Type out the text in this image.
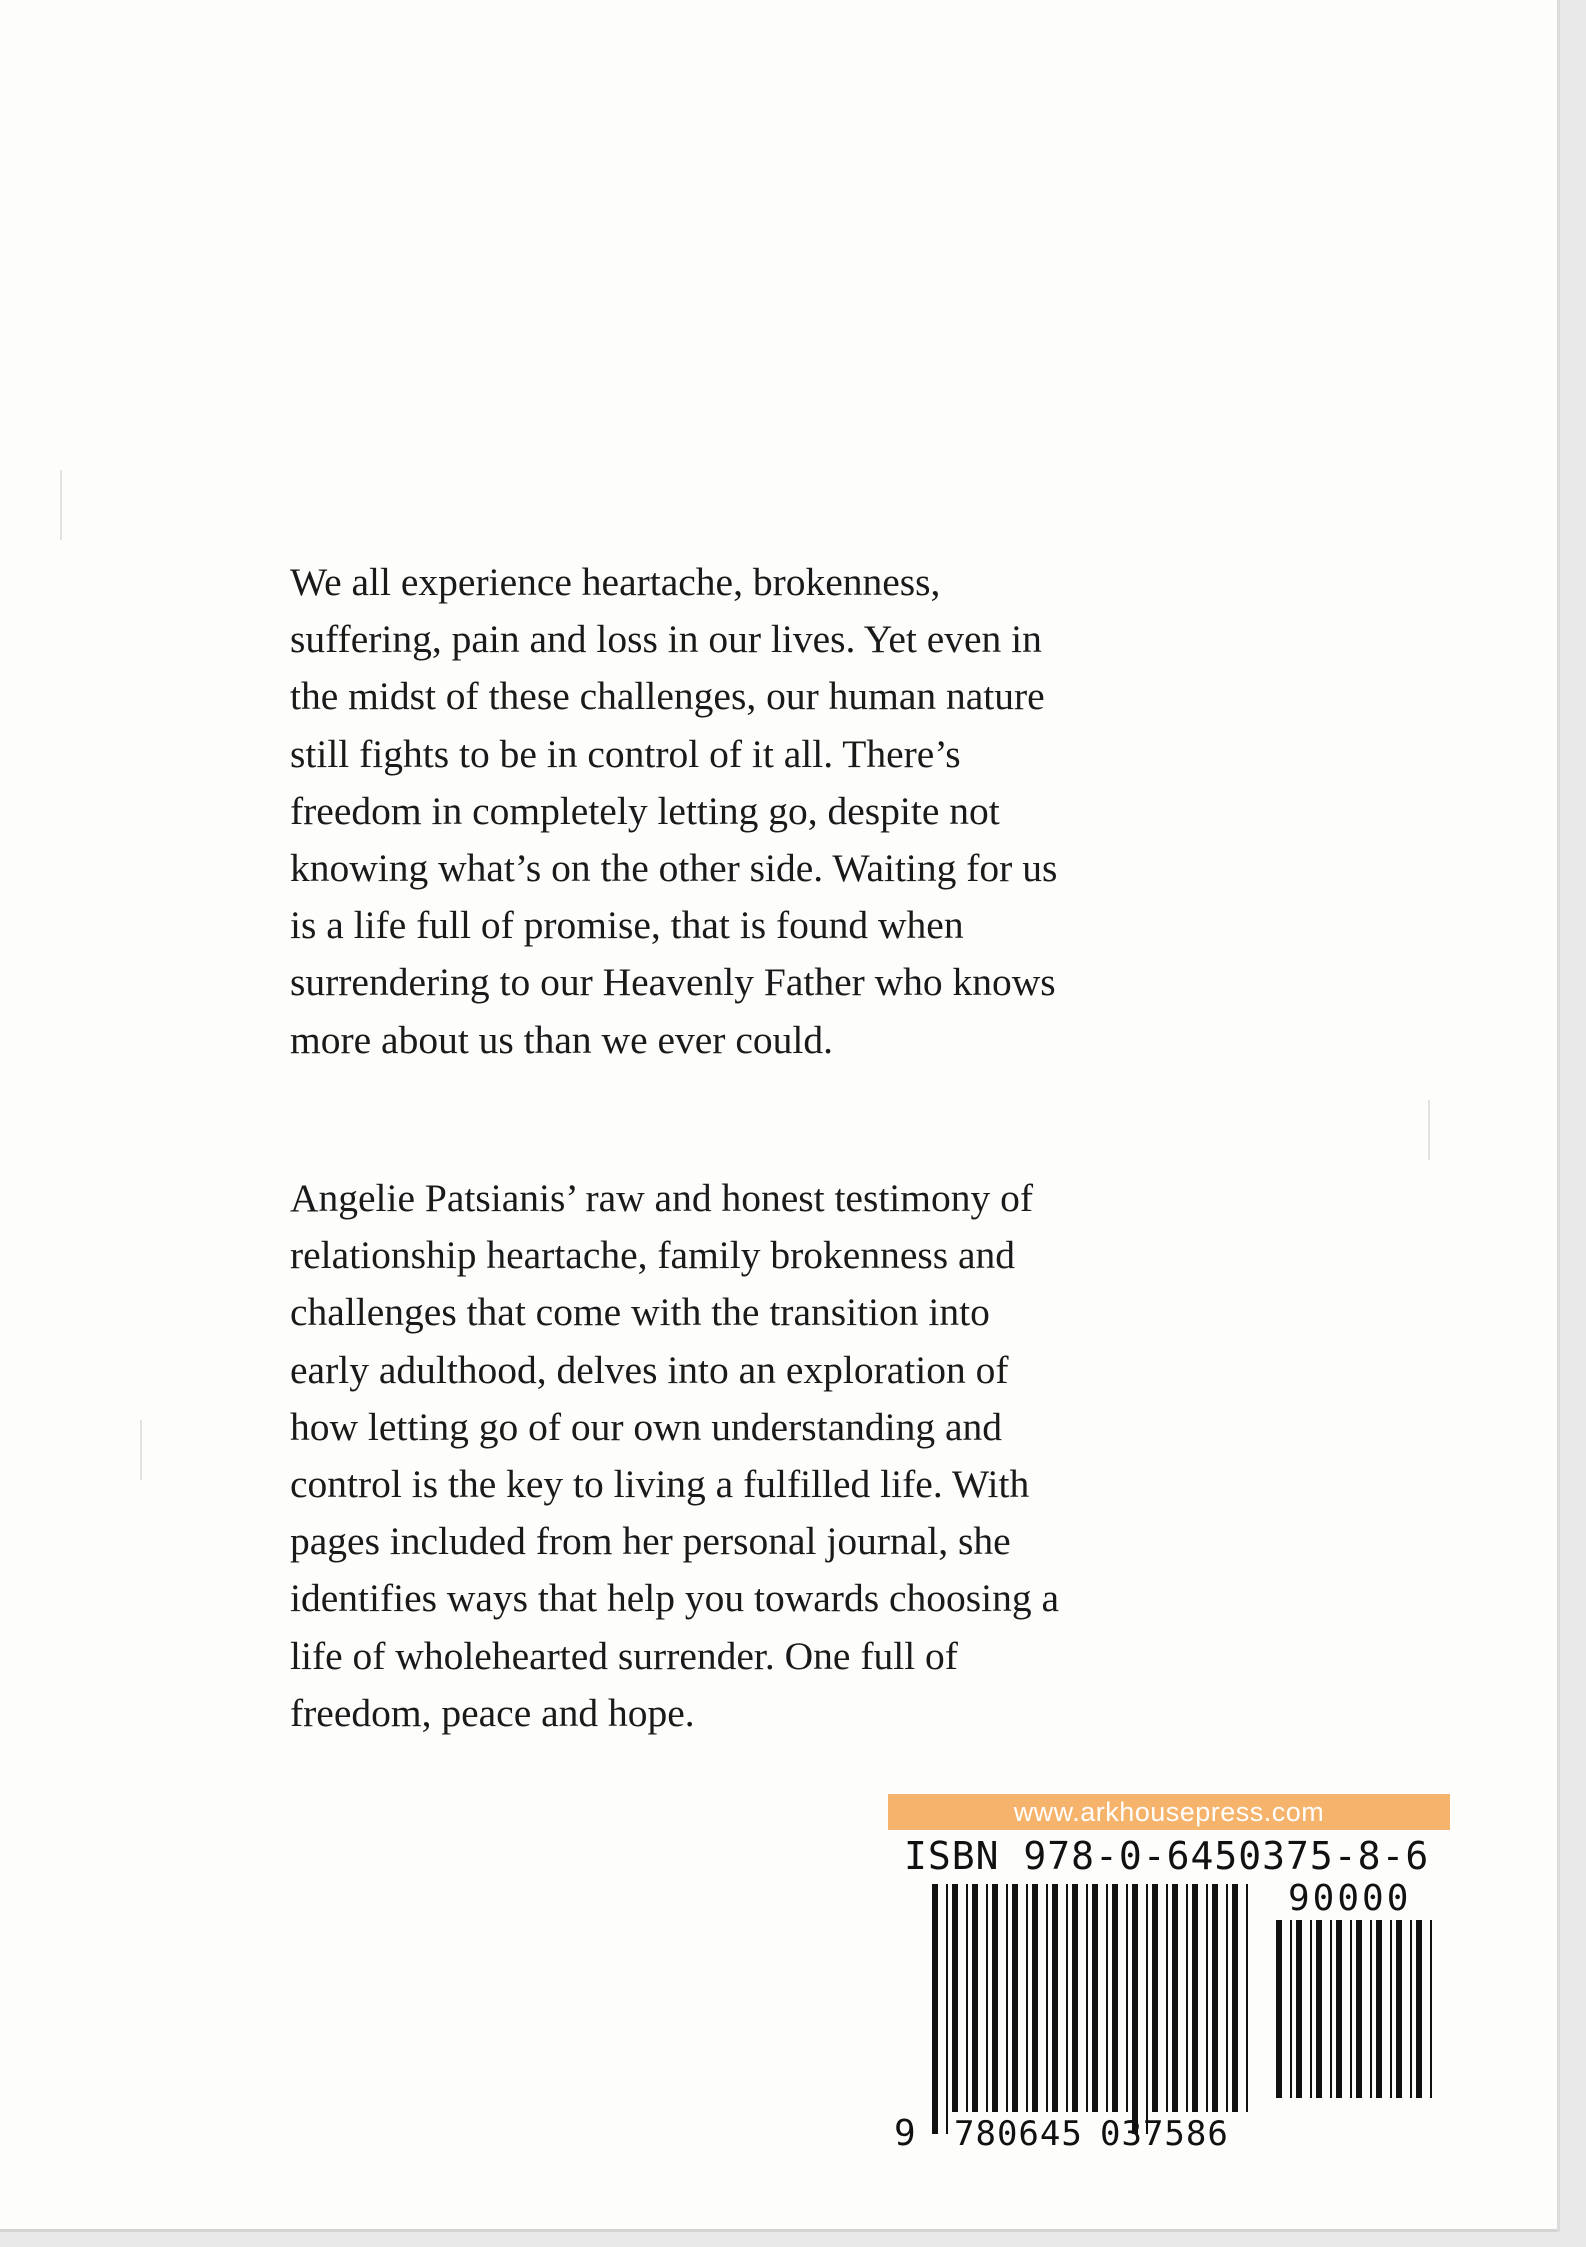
We all experience heartache, brokenness,
suffering, pain and loss in our lives. Yet even in
the midst of these challenges, our human nature
still fights to be in control of it all. There’s
freedom in completely letting go, despite not
knowing what’s on the other side. Waiting for us
is a life full of promise, that is found when
surrendering to our Heavenly Father who knows
more about us than we ever could.

Angelie Patsianis’ raw and honest testimony of
relationship heartache, family brokenness and
challenges that come with the transition into
early adulthood, delves into an exploration of
how letting go of our own understanding and
control is the key to living a fulfilled life. With
pages included from her personal journal, she
identifies ways that help you towards choosing a
life of wholehearted surrender. One full of
freedom, peace and hope.

www.arkhousepress.com
ISBN 978-0-6450375-8-6
90000
9 780645 037586
